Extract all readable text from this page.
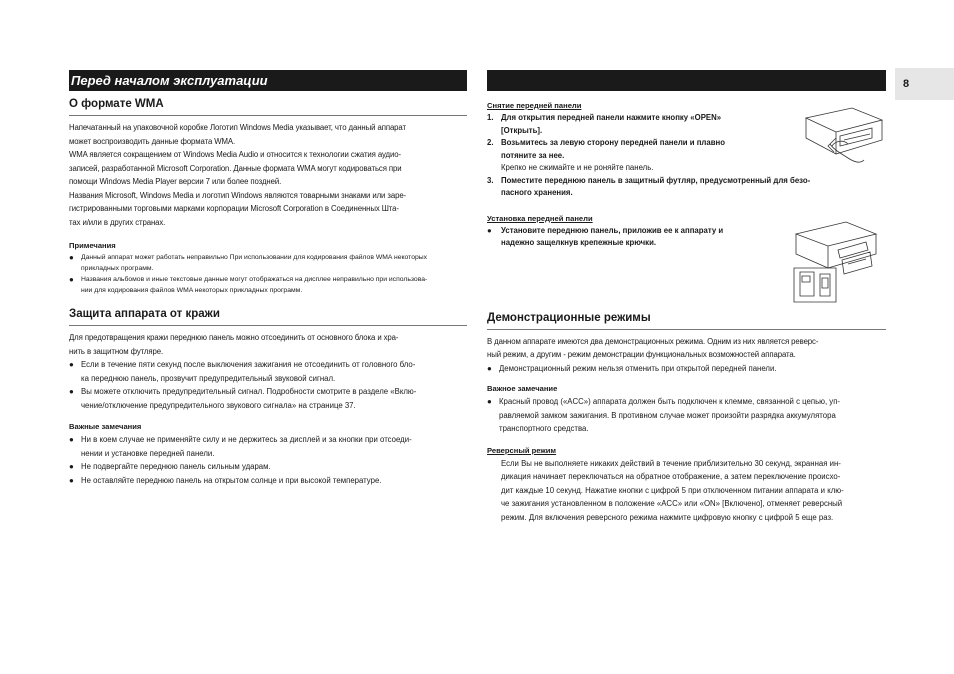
8
Перед началом эксплуатации
О формате WMA

Напечатанный на упаковочной коробке Логотип Windows Media указывает, что данный аппарат

может воспроизводить данные формата WMA.

WMA является сокращением от Windows Media Audio и относится к технологии сжатия аудио-

записей, разработанной Microsoft Corporation. Данные формата WMA могут кодироваться при

помощи Windows Media Player версии 7 или более поздней.

Названия Microsoft, Windows Media и логотип Windows являются товарными знаками или заре-

гистрированными торговыми марками корпорации Microsoft Corporation в Соединенных Шта-

тах и/или в других странах.

Примечания
●	Данный аппарат может работать неправильно При использовании для кодирования файлов WMA некоторых
прикладных программ.
●	Названия альбомов и иные текстовые данные могут отображаться на дисплее неправильно при использова-
нии для кодирования файлов WMA некоторых прикладных программ.
Защита аппарата от кражи

Для предотвращения кражи переднюю панель можно отсоединить от основного блока и хра-

нить в защитном футляре.

● Если в течение пяти секунд после выключения зажигания не отсоединить от головного бло-
ка переднюю панель, прозвучит предупредительный звуковой сигнал.
● Вы можете отключить предупредительный сигнал. Подробности смотрите в разделе «Вклю-
чение/отключение предупредительного звукового сигнала» на странице 37.
Важные замечания
● Ни в коем случае не применяйте силу и не держитесь за дисплей и за кнопки при отсоеди-
нении и установке передней панели.
● Не подвергайте переднюю панель сильным ударам.
● Не оставляйте переднюю панель на открытом солнце и при высокой температуре.
Снятие передней панели
1. Для открытия передней панели нажмите кнопку «OPEN»
[Открыть].
2. Возьмитесь за левую сторону передней панели и плавно
потяните за нее.
Крепко не сжимайте и не роняйте панель.
3. Поместите переднюю панель в защитный футляр, предусмотренный для безо-
пасного хранения.
Установка передней панели
●	Установите переднюю панель, приложив ее к аппарату и
надежно защелкнув крепежные крючки.
Демонстрационные режимы

В данном аппарате имеются два демонстрационных режима. Одним из них является реверс-

ный режим, а другим - режим демонстрации функциональных возможностей аппарата.

● Демонстрационный режим нельзя отменить при открытой передней панели.
Важное замечание
● Красный провод («ACC») аппарата должен быть подключен к клемме, связанной с цепью, уп-
равляемой замком зажигания. В противном случае может произойти разрядка аккумулятора
транспортного средства.
Реверсный режим
Если Вы не выполняете никаких действий в течение приблизительно 30 секунд, экранная ин-
дикация начинает переключаться на обратное отображение, а затем переключение происхо-
дит каждые 10 секунд. Нажатие кнопки с цифрой 5 при отключенном питании аппарата и клю-
че зажигания установленном в положение «ACC» или «ON» [Включено], отменяет реверсный
режим. Для включения реверсного режима нажмите цифровую кнопку с цифрой 5 еще раз.
